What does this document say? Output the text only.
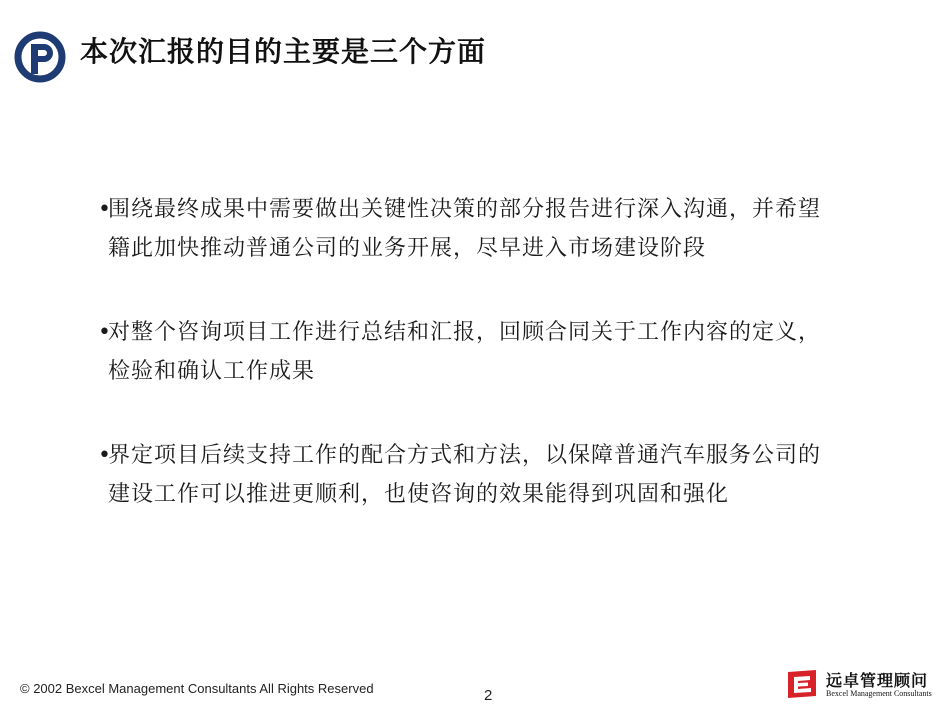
本次汇报的目的主要是三个方面
•
围绕最终成果中需要做出关键性决策的部分报告进行深入沟通，并希望
籍此加快推动普通公司的业务开展，尽早进入市场建设阶段
•
对整个咨询项目工作进行总结和汇报，回顾合同关于工作内容的定义，
检验和确认工作成果
•
界定项目后续支持工作的配合方式和方法，以保障普通汽车服务公司的
建设工作可以推进更顺利，也使咨询的效果能得到巩固和强化
© 2002 Bexcel Management Consultants All Rights Reserved	2
远卓管理顾问
Bexcel Management Consultants
